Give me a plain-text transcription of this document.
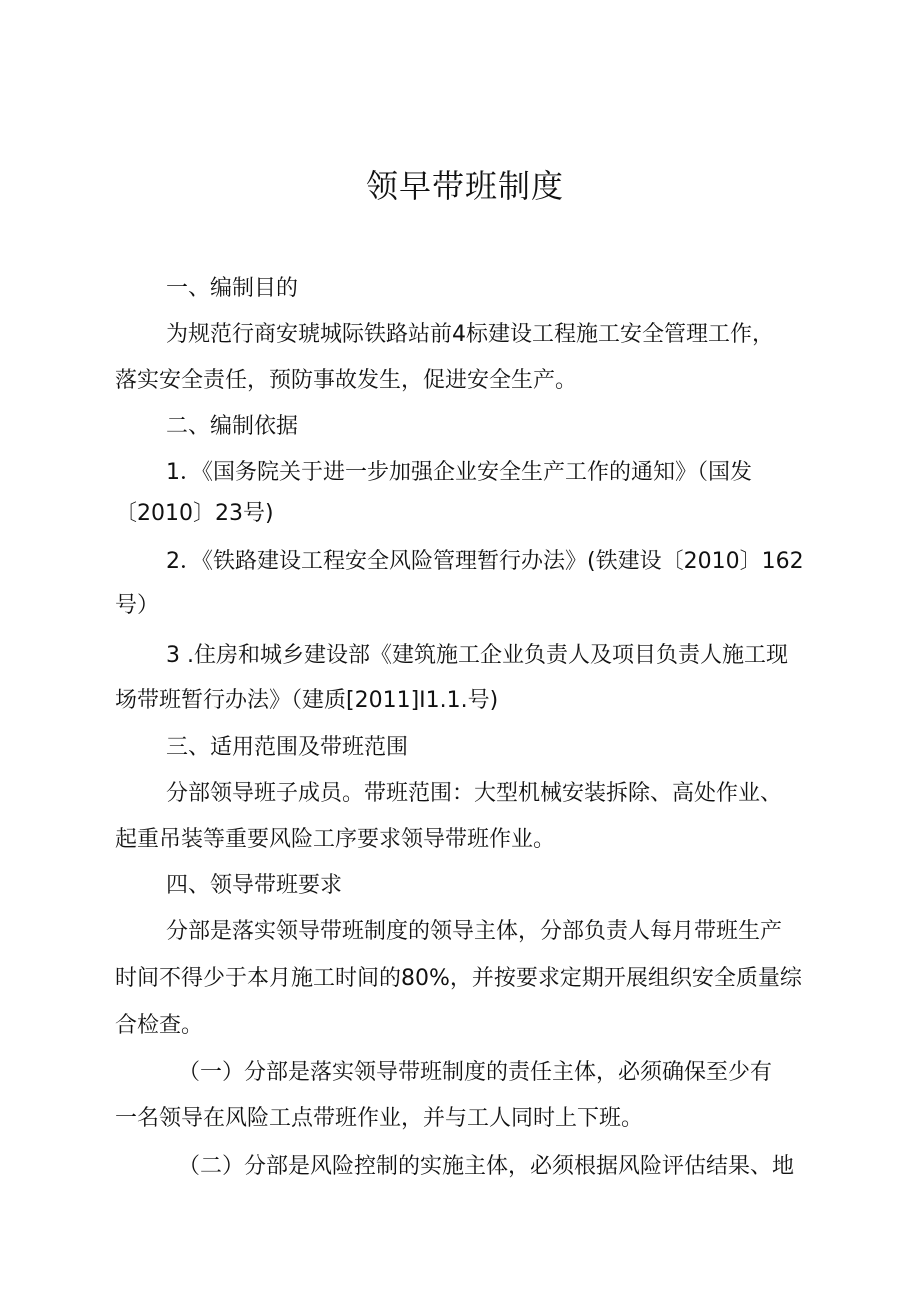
领早带班制度
一、编制目的
为规范行商安琥城际铁路站前4标建设工程施工安全管理工作，
落实安全责任，预防事故发生，促进安全生产。
二、编制依据
1．《国务院关于进一步加强企业安全生产工作的通知》（国发
〔2010〕23号)
2．《铁路建设工程安全风险管理暂行办法》(铁建设〔2010〕162
号）
3 .住房和城乡建设部《建筑施工企业负责人及项目负责人施工现
场带班暂行办法》（建质[2011]I1.1.号)
三、适用范围及带班范围
分部领导班子成员。带班范围：大型机械安装拆除、高处作业、
起重吊装等重要风险工序要求领导带班作业。
四、领导带班要求
分部是落实领导带班制度的领导主体，分部负责人每月带班生产
时间不得少于本月施工时间的80%，并按要求定期开展组织安全质量综
合检查。
（一）分部是落实领导带班制度的责任主体，必须确保至少有
一名领导在风险工点带班作业，并与工人同时上下班。
（二）分部是风险控制的实施主体，必须根据风险评估结果、地
